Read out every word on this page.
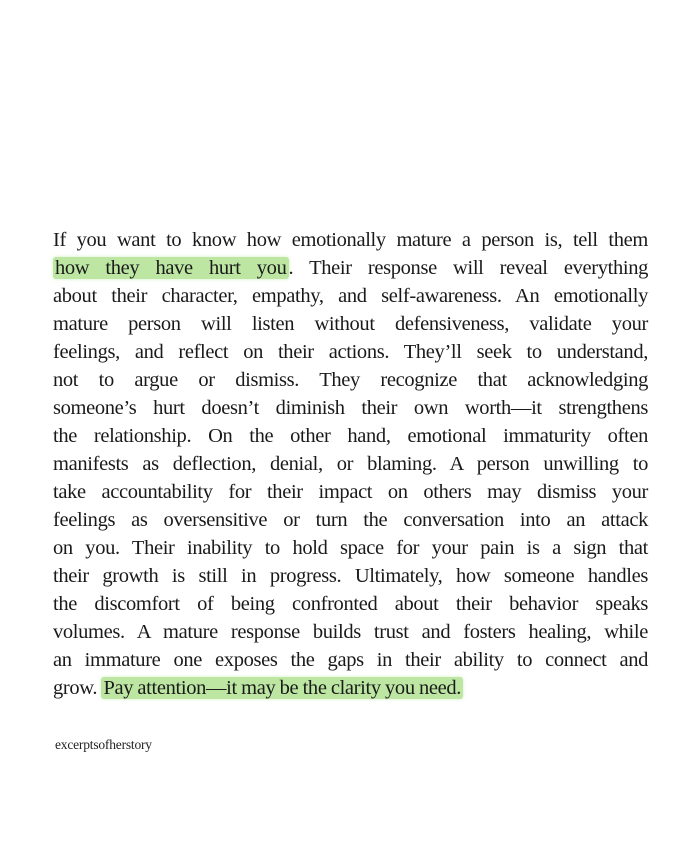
If you want to know how emotionally mature a person is, tell them
how they have hurt you. Their response will reveal everything
about their character, empathy, and self-awareness. An emotionally
mature person will listen without defensiveness, validate your
feelings, and reflect on their actions. They’ll seek to understand,
not to argue or dismiss. They recognize that acknowledging
someone’s hurt doesn’t diminish their own worth—it strengthens
the relationship. On the other hand, emotional immaturity often
manifests as deflection, denial, or blaming. A person unwilling to
take accountability for their impact on others may dismiss your
feelings as oversensitive or turn the conversation into an attack
on you. Their inability to hold space for your pain is a sign that
their growth is still in progress. Ultimately, how someone handles
the discomfort of being confronted about their behavior speaks
volumes. A mature response builds trust and fosters healing, while
an immature one exposes the gaps in their ability to connect and
grow. Pay attention—it may be the clarity you need.
excerptsofherstory
